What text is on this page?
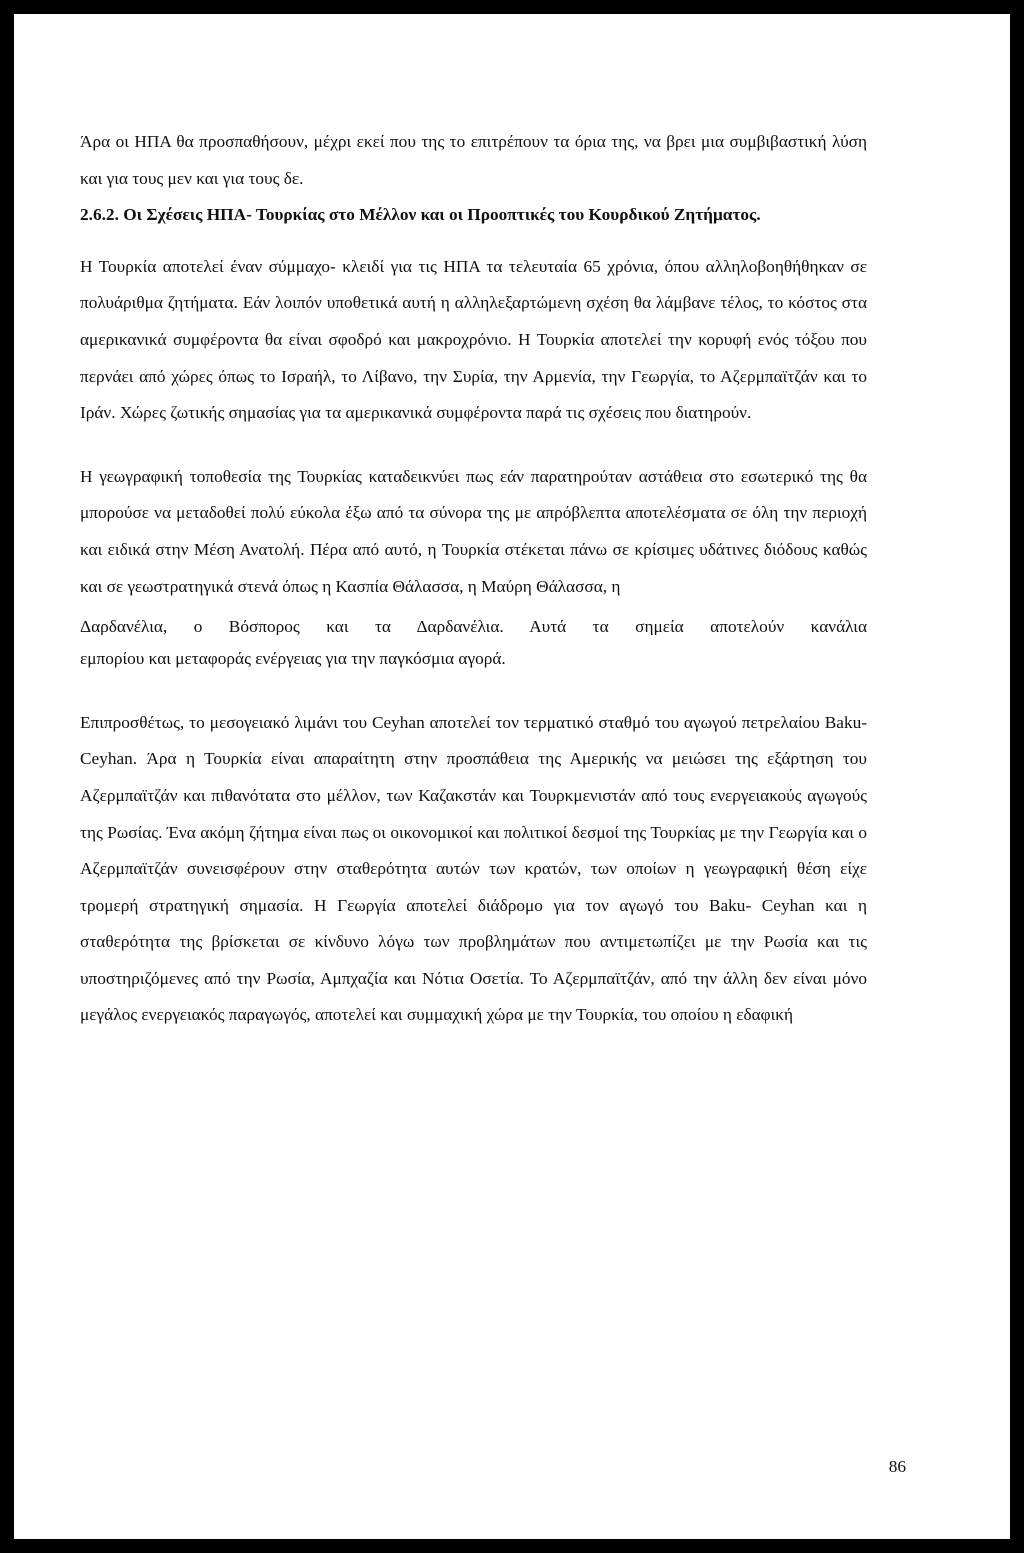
Άρα οι ΗΠΑ θα προσπαθήσουν, μέχρι εκεί που της το επιτρέπουν τα όρια της, να βρει μια συμβιβαστική λύση και για τους μεν και για τους δε.

2.6.2. Οι Σχέσεις ΗΠΑ- Τουρκίας στο Μέλλον και οι Προοπτικές του Κουρδικού Ζητήματος.

Η Τουρκία αποτελεί έναν σύμμαχο- κλειδί για τις ΗΠΑ τα τελευταία 65 χρόνια, όπου αλληλοβοηθήθηκαν σε πολυάριθμα ζητήματα. Εάν λοιπόν υποθετικά αυτή η αλληλεξαρτώμενη σχέση θα λάμβανε τέλος, το κόστος στα αμερικανικά συμφέροντα θα είναι σφοδρό και μακροχρόνιο. Η Τουρκία αποτελεί την κορυφή ενός τόξου που περνάει από χώρες όπως το Ισραήλ, το Λίβανο, την Συρία, την Αρμενία, την Γεωργία, το Αζερμπαϊτζάν και το Ιράν. Χώρες ζωτικής σημασίας για τα αμερικανικά συμφέροντα παρά τις σχέσεις που διατηρούν.

Η γεωγραφική τοποθεσία της Τουρκίας καταδεικνύει πως εάν παρατηρούταν αστάθεια στο εσωτερικό της θα μπορούσε να μεταδοθεί πολύ εύκολα έξω από τα σύνορα της με απρόβλεπτα αποτελέσματα σε όλη την περιοχή και ειδικά στην Μέση Ανατολή. Πέρα από αυτό, η Τουρκία στέκεται πάνω σε κρίσιμες υδάτινες διόδους καθώς και σε γεωστρατηγικά στενά όπως η Κασπία Θάλασσα, η Μαύρη Θάλασσα, η

Δαρδανέλια, ο Βόσπορος και τα Δαρδανέλια. Αυτά τα σημεία αποτελούν κανάλια

εμπορίου και μεταφοράς ενέργειας για την παγκόσμια αγορά.

Επιπροσθέτως, το μεσογειακό λιμάνι του Ceyhan αποτελεί τον τερματικό σταθμό του αγωγού πετρελαίου Baku- Ceyhan. Άρα η Τουρκία είναι απαραίτητη στην προσπάθεια της Αμερικής να μειώσει της εξάρτηση του Αζερμπαϊτζάν και πιθανότατα στο μέλλον, των Καζακστάν και Τουρκμενιστάν από τους ενεργειακούς αγωγούς της Ρωσίας. Ένα ακόμη ζήτημα είναι πως οι οικονομικοί και πολιτικοί δεσμοί της Τουρκίας με την Γεωργία και ο Αζερμπαϊτζάν συνεισφέρουν στην σταθερότητα αυτών των κρατών, των οποίων η γεωγραφική θέση είχε τρομερή στρατηγική σημασία. Η Γεωργία αποτελεί διάδρομο για τον αγωγό του Baku- Ceyhan και η σταθερότητα της βρίσκεται σε κίνδυνο λόγω των προβλημάτων που αντιμετωπίζει με την Ρωσία και τις υποστηριζόμενες από την Ρωσία, Αμπχαζία και Νότια Οσετία. Το Αζερμπαϊτζάν, από την άλλη δεν είναι μόνο μεγάλος ενεργειακός παραγωγός, αποτελεί και συμμαχική χώρα με την Τουρκία, του οποίου η εδαφική

86
